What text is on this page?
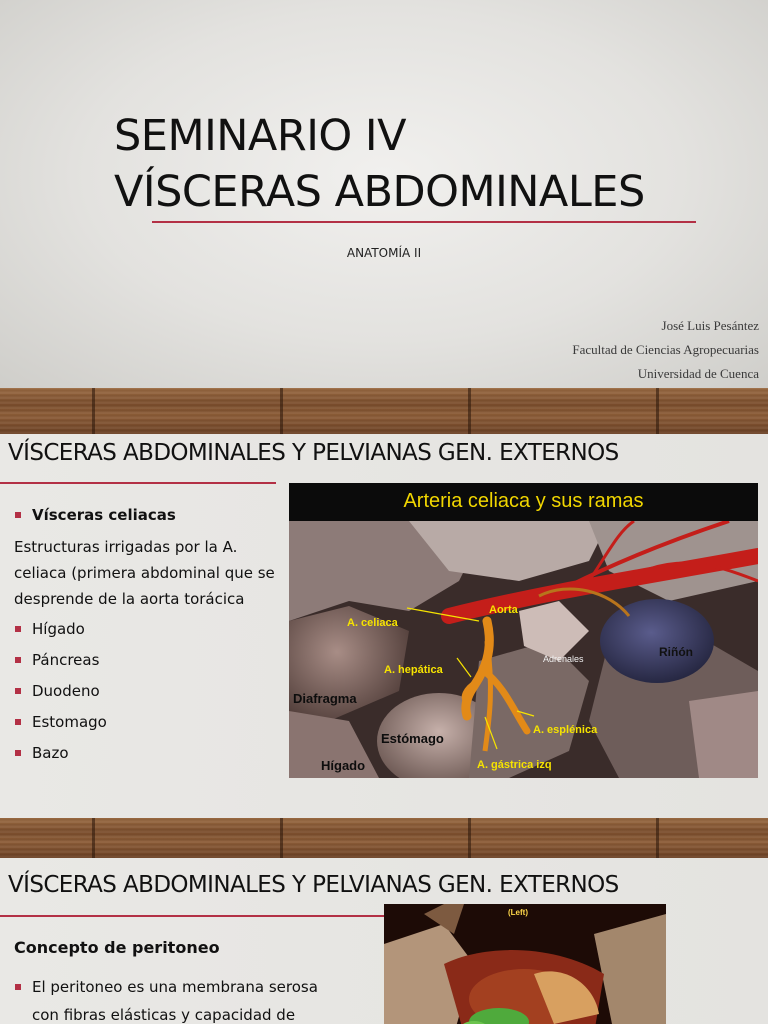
SEMINARIO IV
VÍSCERAS ABDOMINALES
ANATOMÍA II
José Luis Pesántez
Facultad de Ciencias Agropecuarias
Universidad de Cuenca
VÍSCERAS ABDOMINALES Y PELVIANAS GEN. EXTERNOS
Vísceras celiacas

Estructuras irrigadas por la A. celiaca (primera abdominal que se desprende de la aorta torácica

Hígado
Páncreas
Duodeno
Estomago
Bazo
Arteria celiaca y sus ramas
Aorta
A. celiaca
A. hepática
Adrenales	Riñón
Diafragma
Estómago
Hígado
A. esplénica
A. gástrica izq
VÍSCERAS ABDOMINALES Y PELVIANAS GEN. EXTERNOS
Concepto de peritoneo
El peritoneo es una membrana serosa con fibras elásticas y capacidad de
(Left)
